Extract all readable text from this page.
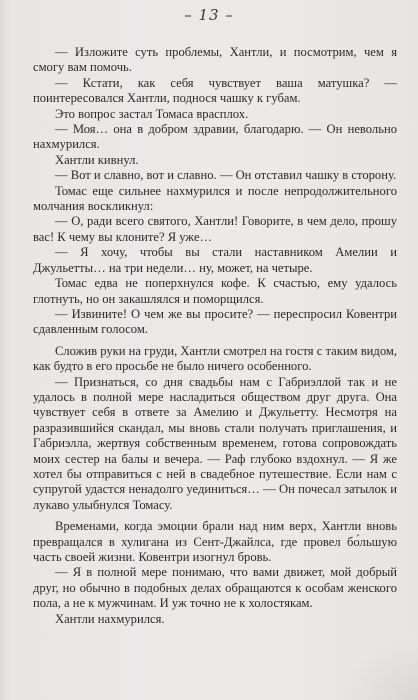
– 13 –

— Изложите суть проблемы, Хантли, и посмотрим, чем я смогу вам помочь.

— Кстати, как себя чувствует ваша матушка? — поинтересовался Хантли, поднося чашку к губам.

Это вопрос застал Томаса врасплох.

— Моя… она в добром здравии, благодарю. — Он невольно нахмурился.

Хантли кивнул.

— Вот и славно, вот и славно. — Он отставил чашку в сторону.

Томас еще сильнее нахмурился и после непродолжительного молчания воскликнул:

— О, ради всего святого, Хантли! Говорите, в чем дело, прошу вас! К чему вы клоните? Я уже…

— Я хочу, чтобы вы стали наставником Амелии и Джульетты… на три недели… ну, может, на четыре.

Томас едва не поперхнулся кофе. К счастью, ему удалось глотнуть, но он закашлялся и поморщился.

— Извините! О чем же вы просите? — переспросил Ковентри сдавленным голосом.

Сложив руки на груди, Хантли смотрел на гостя с таким видом, как будто в его просьбе не было ничего особенного.

— Признаться, со дня свадьбы нам с Габриэллой так и не удалось в полной мере насладиться обществом друг друга. Она чувствует себя в ответе за Амелию и Джульетту. Несмотря на разразившийся скандал, мы вновь стали получать приглашения, и Габриэлла, жертвуя собственным временем, готова сопровождать моих сестер на балы и вечера. — Раф глубоко вздохнул. — Я же хотел бы отправиться с ней в свадебное путешествие. Если нам с супругой удастся ненадолго уединиться… — Он почесал затылок и лукаво улыбнулся Томасу.

Временами, когда эмоции брали над ним верх, Хантли вновь превращался в хулигана из Сент-Джайлса, где провел бо́льшую часть своей жизни. Ковентри изогнул бровь.

— Я в полной мере понимаю, что вами движет, мой добрый друг, но обычно в подобных делах обращаются к особам женского пола, а не к мужчинам. И уж точно не к холостякам.

Хантли нахмурился.
